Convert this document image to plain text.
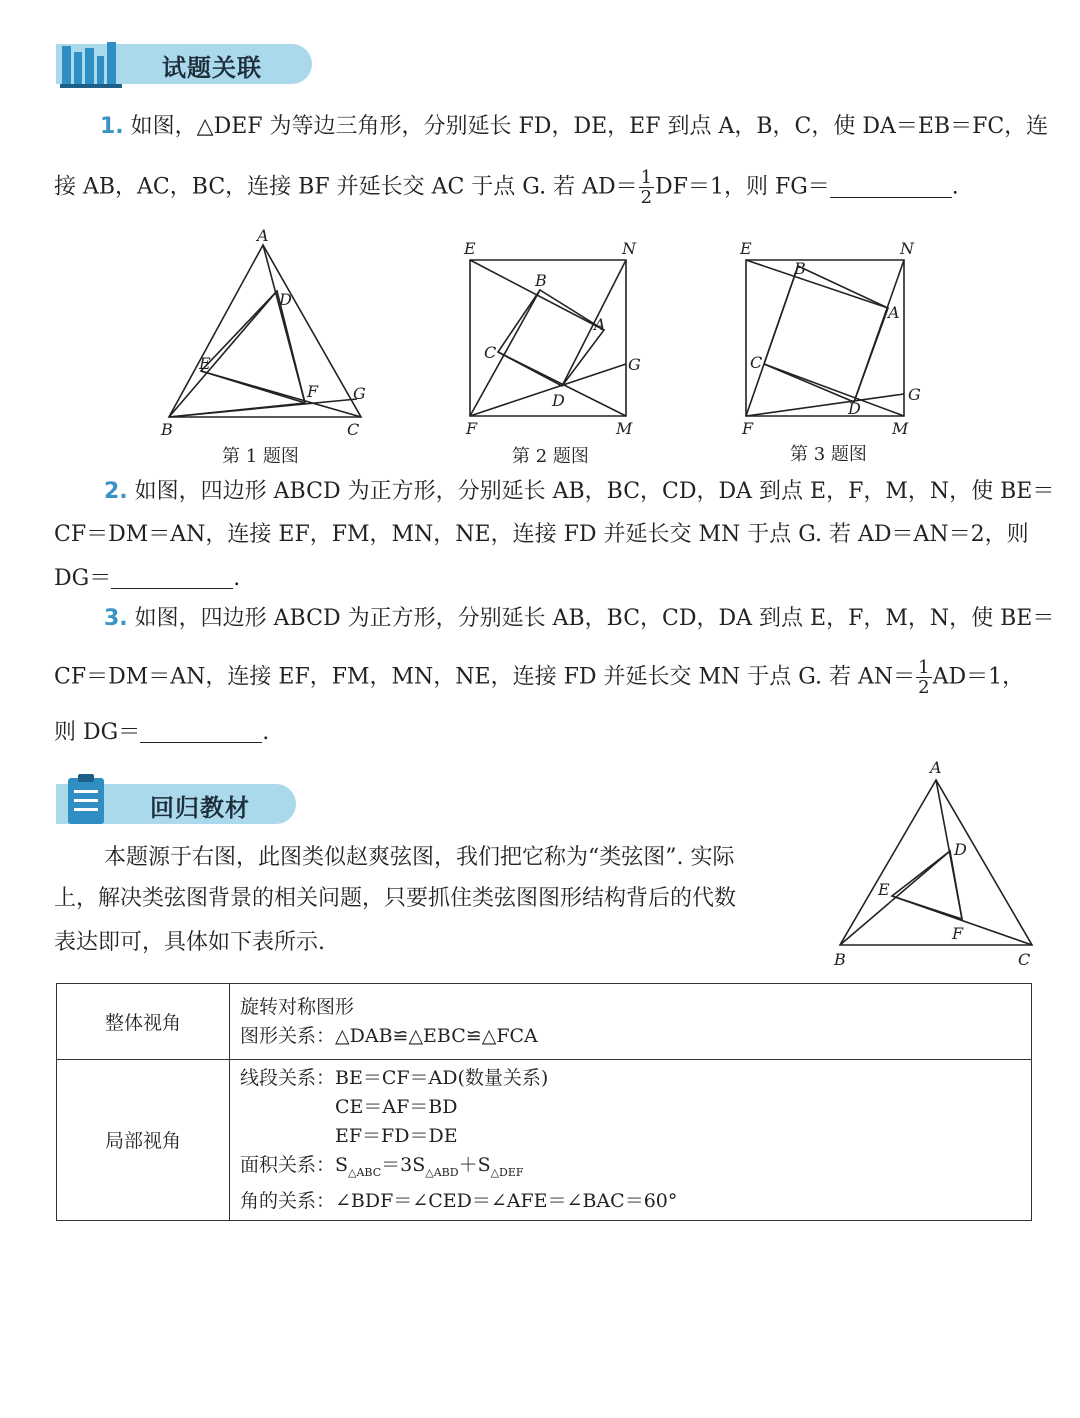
试题关联
1. 如图，△DEF 为等边三角形，分别延长 FD，DE，EF 到点 A，B，C，使 DA＝EB＝FC，连
接 AB，AC，BC，连接 BF 并延长交 AC 于点 G. 若 $AD= \frac{1}{2} DF=1$，则 FG＝	.
A
D
E
F G
B	C
第 1 题图
E	N
B
A
C
G
D
F	M
第 2 题图
E	N
B
A
C
G
D
F	M
第 3 题图
2. 如图，四边形 ABCD 为正方形，分别延长 AB，BC，CD，DA 到点 E，F，M，N，使 BE＝
CF＝DM＝AN，连接 EF，FM，MN，NE，连接 FD 并延长交 MN 于点 G. 若 AD＝AN＝2，则
DG＝	.
3. 如图，四边形 ABCD 为正方形，分别延长 AB，BC，CD，DA 到点 E，F，M，N，使 BE＝
CF＝DM＝AN，连接 EF，FM，MN，NE，连接 FD 并延长交 MN 于点 G. 若 $AN= \frac{1}{2} AD=1$，
则 DG＝	.
回归教材
本题源于右图，此图类似赵爽弦图，我们把它称为“类弦图”. 实际
上，解决类弦图背景的相关问题，只要抓住类弦图图形结构背后的代数
表达即可，具体如下表所示.
A
D
E
F
B	C
整体视角	旋转对称图形
图形关系：△DAB≌△EBC≌△FCA

局部视角	线段关系：BE＝CF＝AD(数量关系)
CE＝AF＝BD
EF＝FD＝DE
面积关系：$S_{\triangle ABC}=3S_{\triangle ABD}+S_{\triangle DEF}$
角的关系：∠BDF＝∠CED＝∠AFE＝∠BAC＝60°
